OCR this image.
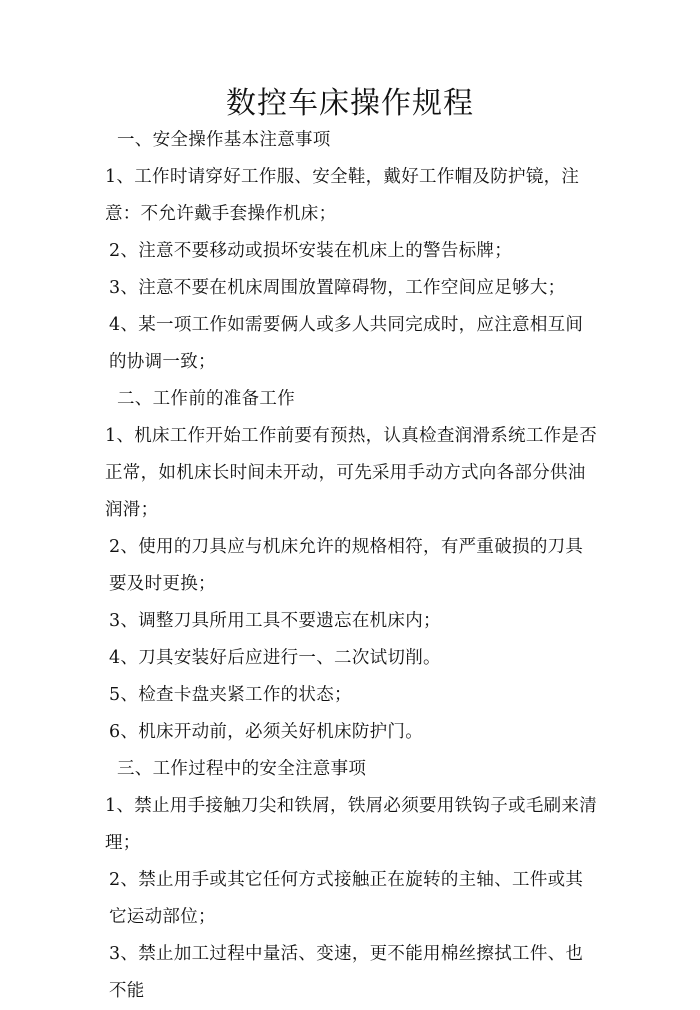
数控车床操作规程

一、安全操作基本注意事项

1、工作时请穿好工作服、安全鞋，戴好工作帽及防护镜，注意：不允许戴手套操作机床；

2、注意不要移动或损坏安装在机床上的警告标牌；

3、注意不要在机床周围放置障碍物，工作空间应足够大；

4、某一项工作如需要俩人或多人共同完成时，应注意相互间的协调一致；

二、工作前的准备工作

1、机床工作开始工作前要有预热，认真检查润滑系统工作是否正常，如机床长时间未开动，可先采用手动方式向各部分供油润滑；

2、使用的刀具应与机床允许的规格相符，有严重破损的刀具要及时更换；

3、调整刀具所用工具不要遗忘在机床内；

4、刀具安装好后应进行一、二次试切削。

5、检查卡盘夹紧工作的状态；

6、机床开动前，必须关好机床防护门。

三、工作过程中的安全注意事项

1、禁止用手接触刀尖和铁屑，铁屑必须要用铁钩子或毛刷来清理；

2、禁止用手或其它任何方式接触正在旋转的主轴、工件或其它运动部位；

3、禁止加工过程中量活、变速，更不能用棉丝擦拭工件、也不能
